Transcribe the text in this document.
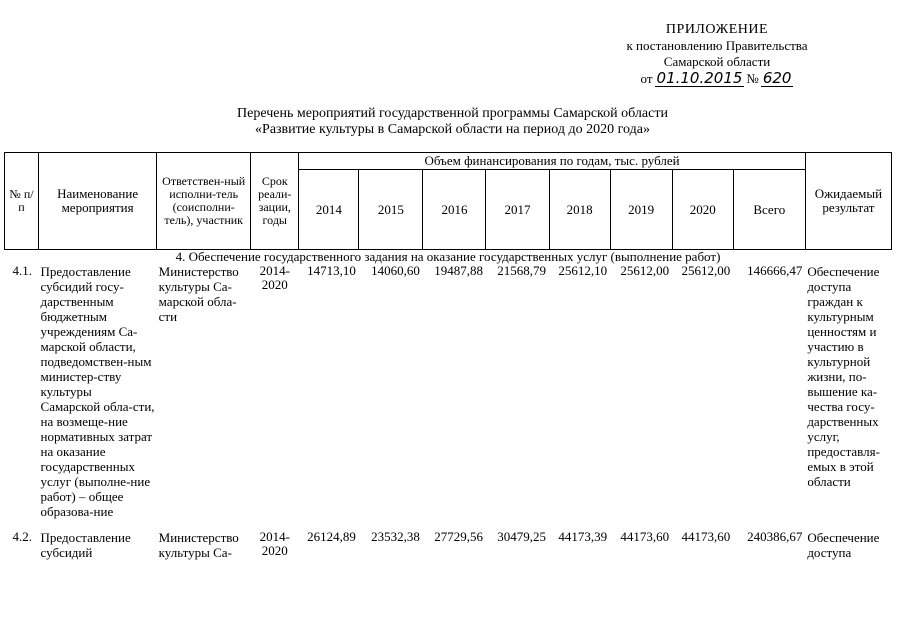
ПРИЛОЖЕНИЕ
к постановлению Правительства
Самарской области
от 01.10.2015 № 620
Перечень мероприятий государственной программы Самарской области
«Развитие культуры в Самарской области на период до 2020 года»
№ п/п	Наименование мероприятия	Ответствен-ный исполни-тель (соисполни-тель), участник	Срок реали-зации, годы	Объем финансирования по годам, тыс. рублей								Ожидаемый результат
				2014	2015	2016	2017	2018	2019	2020	Всего	
4. Обеспечение государственного задания на оказание государственных услуг (выполнение работ)												
4.1.	Предоставление субсидий госу-дарственным бюджетным учреждениям Са-марской области, подведомствен-ным министер-ству культуры Самарской обла-сти, на возмеще-ние нормативных затрат на оказание государственных услуг (выполне-ние работ) – общее образова-ние	Министерство культуры Са-марской обла-сти	2014-2020	14713,10	14060,60	19487,88	21568,79	25612,10	25612,00	25612,00	146666,47	Обеспечение доступа граждан к культурным ценностям и участию в культурной жизни, по-вышение ка-чества госу-дарственных услуг, предоставля-емых в этой области
4.2.	Предоставление субсидий	Министерство культуры Са-	2014-2020	26124,89	23532,38	27729,56	30479,25	44173,39	44173,60	44173,60	240386,67	Обеспечение доступа
